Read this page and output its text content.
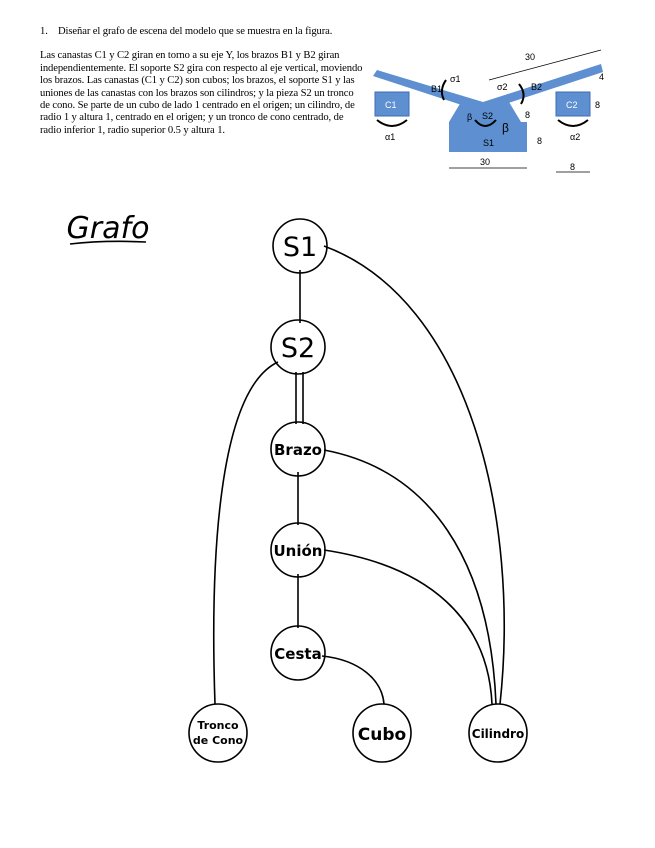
1. Diseñar el grafo de escena del modelo que se muestra en la figura.

Las canastas C1 y C2 giran en torno a su eje Y, los brazos B1 y B2 giran independientemente. El soporte S2 gira con respecto al eje vertical, moviendo los brazos. Las canastas (C1 y C2) son cubos; los brazos, el soporte S1 y las uniones de las canastas con los brazos son cilindros; y la pieza S2 un tronco de cono. Se parte de un cubo de lado 1 centrado en el origen; un cilindro, de radio 1 y altura 1, centrado en el origen; y un tronco de cono centrado, de radio inferior 1, radio superior 0.5 y altura 1.

C1	C2
S2
S1
B1	B2
σ1
σ2
β
β
α1	α2
30
4
8
8
8
30	8
Grafo
S1
S2
Brazo
Unión
Cesta
Tronco
de Cono	Cubo	Cilindro
